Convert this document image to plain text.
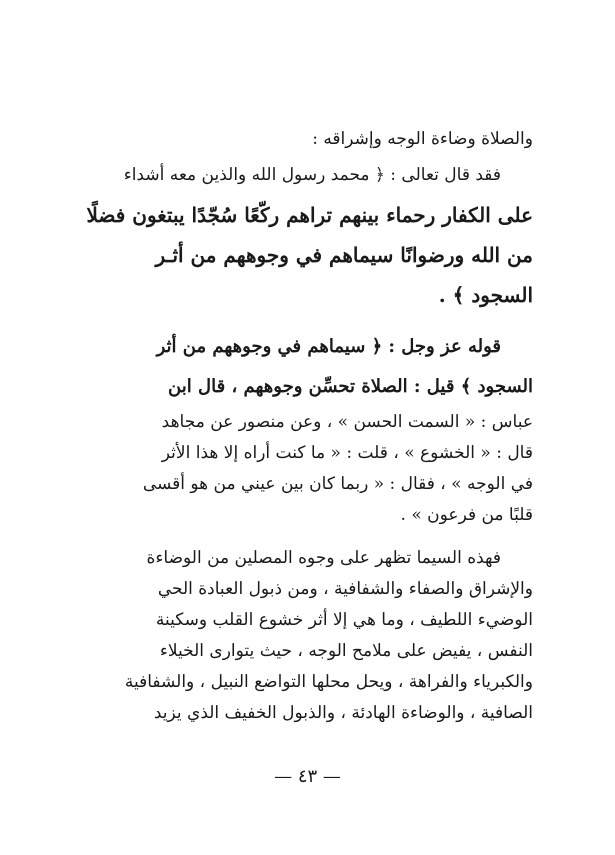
والصلاة وضاءة الوجه وإشراقه :
فقد قال تعالى : ﴿ محمد رسول الله والذين معه أشداء
على الكفار رحماء بينهم تراهم ركّعًا سُجّدًا يبتغون فضلًا
من الله ورضوانًا سيماهم في وجوههم من أثـر
السجود ﴾ .
قوله عز وجل : ﴿ سيماهم في وجوههم من أثر
السجود ﴾ قيل : الصلاة تحسِّن وجوههم ، قال ابن
عباس : « السمت الحسن » ، وعن منصور عن مجاهد
قال : « الخشوع » ، قلت : « ما كنت أراه إلا هذا الأثر
في الوجه » ، فقال : « ربما كان بين عيني من هو أقسى
قلبًا من فرعون » .
فهذه السيما تظهر على وجوه المصلين من الوضاءة
والإشراق والصفاء والشفافية ، ومن ذبول العبادة الحي
الوضيء اللطيف ، وما هي إلا أثر خشوع القلب وسكينة
النفس ، يفيض على ملامح الوجه ، حيث يتوارى الخيلاء
والكبرياء والفراهة ، ويحل محلها التواضع النبيل ، والشفافية
الصافية ، والوضاءة الهادئة ، والذبول الخفيف الذي يزيد
— ٤٣ —
